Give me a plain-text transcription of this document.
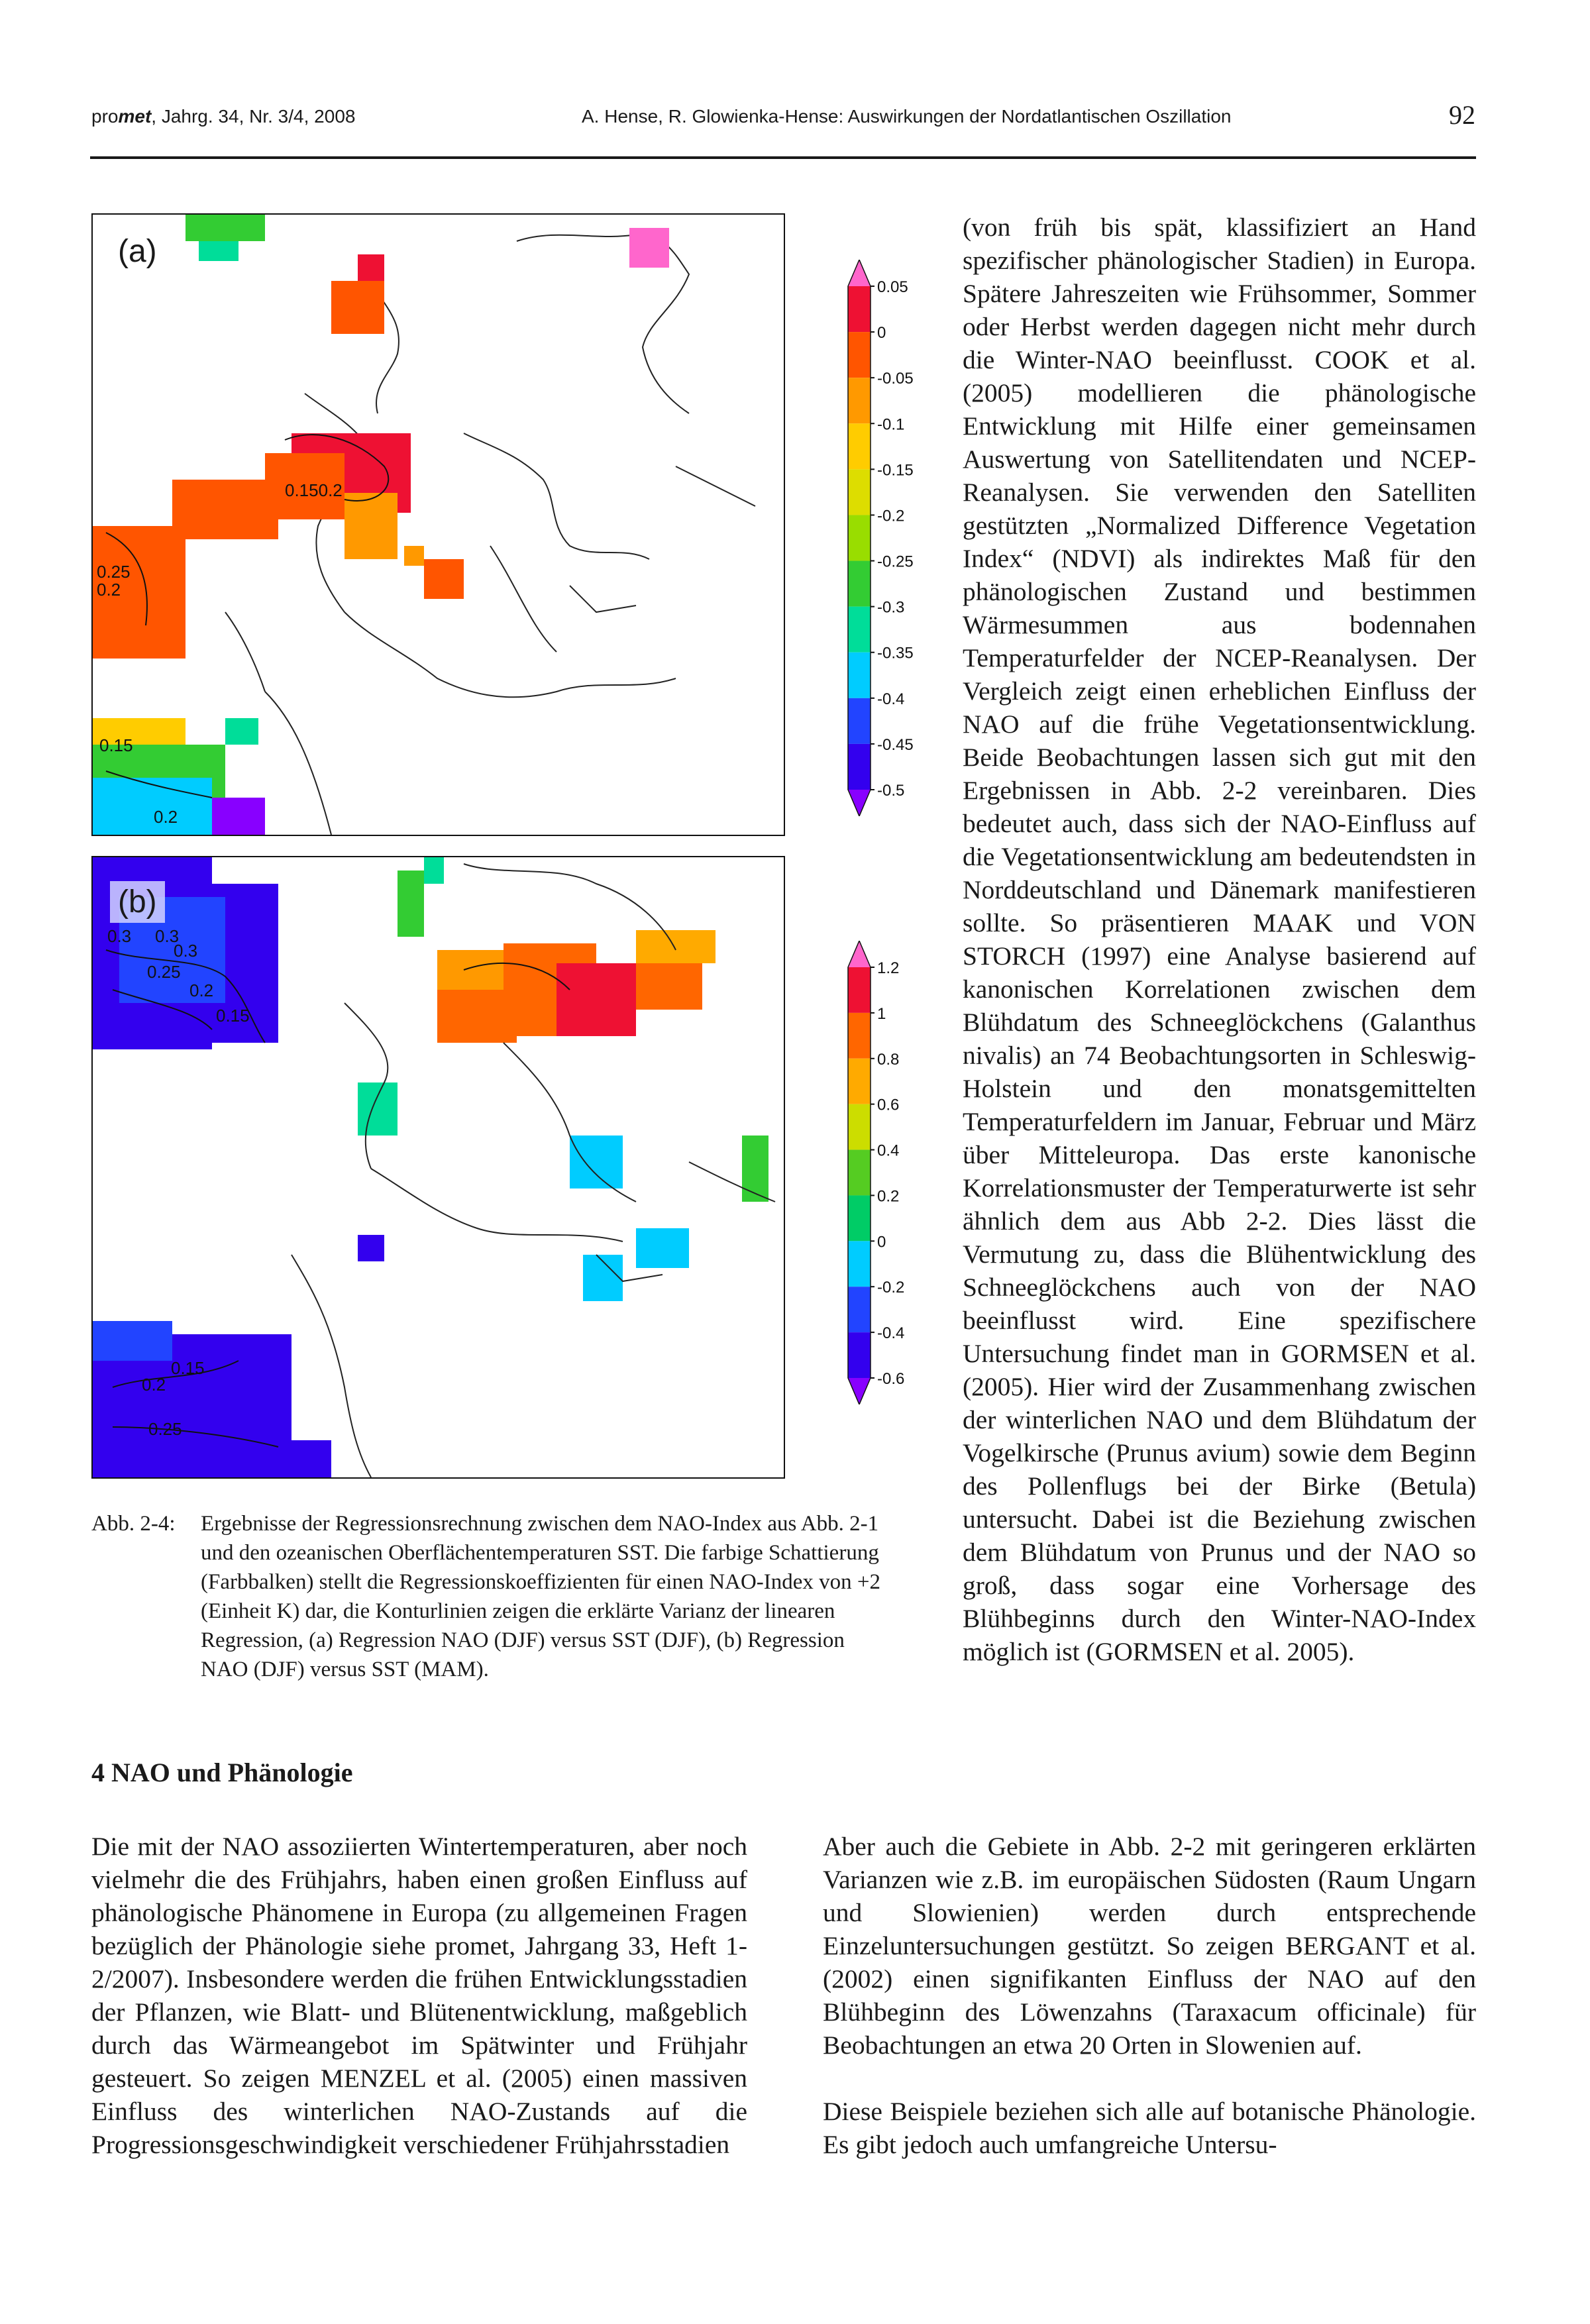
promet, Jahrg. 34, Nr. 3/4, 2008	A. Hense, R. Glowienka-Hense: Auswirkungen der Nordatlantischen Oszillation	92
0.150.2
0.25
0.2
0.15
0.2
(a)
0.05
0
-0.05
-0.1
-0.15
-0.2
-0.25
-0.3
-0.35
-0.4
-0.45
-0.5
0.3 0.3
0.3
0.25
0.2
0.15
0.15
0.2
0.25
(b)
1.2
1
0.8
0.6
0.4
0.2
0
-0.2
-0.4
-0.6
Abb. 2-4:	Ergebnisse der Regressionsrechnung zwischen dem NAO-Index aus Abb. 2-1 und den ozeanischen Oberflächentemperaturen SST. Die farbige Schattierung (Farbbalken) stellt die Regressionskoeffizienten für einen NAO-Index von +2 (Einheit K) dar, die Konturlinien zeigen die erklärte Varianz der linearen Regression, (a) Regression NAO (DJF) versus SST (DJF), (b) Regression NAO (DJF) versus SST (MAM).
4 NAO und Phänologie

(von früh bis spät, klassifiziert an Hand spezifischer phänologischer Stadien) in Europa. Spätere Jahreszeiten wie Frühsommer, Sommer oder Herbst werden dagegen nicht mehr durch die Winter-NAO beeinflusst. COOK et al. (2005) modellieren die phänologische Entwicklung mit Hilfe einer gemeinsamen Auswertung von Satellitendaten und NCEP-Reanalysen. Sie verwenden den Satelliten gestützten „Normalized Difference Vegetation Index“ (NDVI) als indirektes Maß für den phänologischen Zustand und bestimmen Wärmesummen aus bodennahen Temperaturfelder der NCEP-Reanalysen. Der Vergleich zeigt einen erheblichen Einfluss der NAO auf die frühe Vegetationsentwicklung. Beide Beobachtungen lassen sich gut mit den Ergebnissen in Abb. 2-2 vereinbaren. Dies bedeutet auch, dass sich der NAO-Einfluss auf die Vegetationsentwicklung am bedeutendsten in Norddeutschland und Dänemark manifestieren sollte. So präsentieren MAAK und VON STORCH (1997) eine Analyse basierend auf kanonischen Korrelationen zwischen dem Blühdatum des Schneeglöckchens (Galanthus nivalis) an 74 Beobachtungsorten in Schleswig-Holstein und den monatsgemittelten Temperaturfeldern im Januar, Februar und März über Mitteleuropa. Das erste kanonische Korrelationsmuster der Temperaturwerte ist sehr ähnlich dem aus Abb 2-2. Dies lässt die Vermutung zu, dass die Blühentwicklung des Schneeglöckchens auch von der NAO beeinflusst wird. Eine spezifischere Untersuchung findet man in GORMSEN et al. (2005). Hier wird der Zusammenhang zwischen der winterlichen NAO und dem Blühdatum der Vogelkirsche (Prunus avium) sowie dem Beginn des Pollenflugs bei der Birke (Betula) untersucht. Dabei ist die Beziehung zwischen dem Blühdatum von Prunus und der NAO so groß, dass sogar eine Vorhersage des Blühbeginns durch den Winter-NAO-Index möglich ist (GORMSEN et al. 2005).

Die mit der NAO assoziierten Wintertemperaturen, aber noch vielmehr die des Frühjahrs, haben einen großen Einfluss auf phänologische Phänomene in Europa (zu allgemeinen Fragen bezüglich der Phänologie siehe promet, Jahrgang 33, Heft 1-2/2007). Insbesondere werden die frühen Entwicklungsstadien der Pflanzen, wie Blatt- und Blütenentwicklung, maßgeblich durch das Wärmeangebot im Spätwinter und Frühjahr gesteuert. So zeigen MENZEL et al. (2005) einen massiven Einfluss des winterlichen NAO-Zustands auf die Progressionsgeschwindigkeit verschiedener Frühjahrsstadien

Aber auch die Gebiete in Abb. 2-2 mit geringeren erklärten Varianzen wie z.B. im europäischen Südosten (Raum Ungarn und Slowienien) werden durch entsprechende Einzeluntersuchungen gestützt. So zeigen BERGANT et al. (2002) einen signifikanten Einfluss der NAO auf den Blühbeginn des Löwenzahns (Taraxacum officinale) für Beobachtungen an etwa 20 Orten in Slowenien auf.

Diese Beispiele beziehen sich alle auf botanische Phänologie. Es gibt jedoch auch umfangreiche Untersu-
